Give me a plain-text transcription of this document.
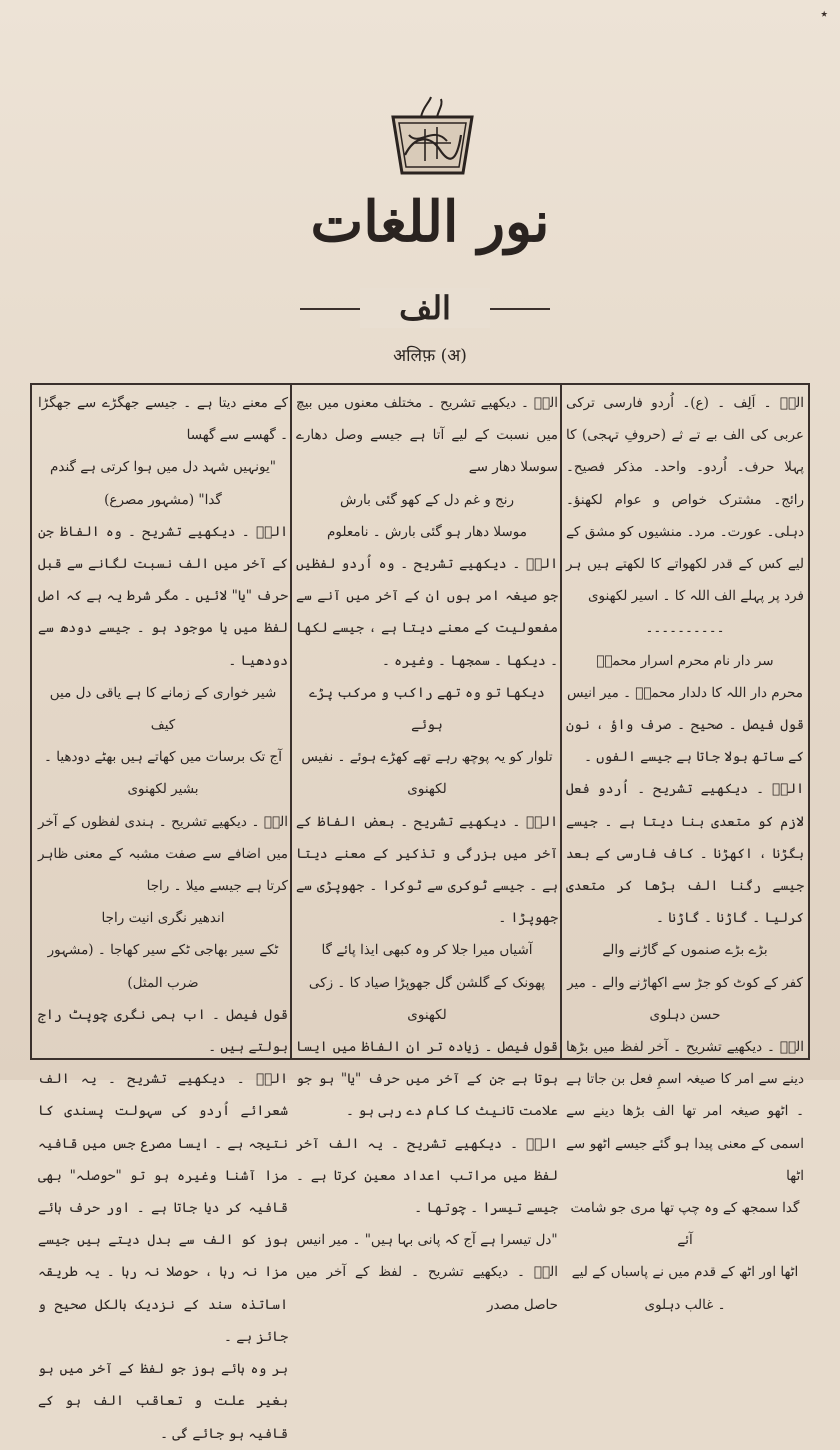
٭
نور اللغات
الف
अलिफ़ (अ)

الفؔ ۔ اَلِف ۔ (ع)۔ اُردو فارسی ترکی عربی کی الف بے تے ثے (حروفِ تہجی) کا پہلا حرف۔ اُردو۔ واحد۔ مذکر فصیح۔ رائج۔ مشترک خواص و عوام لکھنؤ۔ دہلی۔ عورت۔ مرد۔ منشیوں کو مشق کے لیے کس کے قدر لکھواتے کا لکھتے ہیں ہر فرد پر پہلے الف اللہ کا ۔ اسیر لکھنوی

۔۔۔۔۔۔۔۔۔۔

سر دار نام محرم اسرار محمدؐ

محرم دار اللہ کا دلدار محمدؐ ۔ میر انیس

قول فیصل ۔ صحیح ۔ صرف واؤ ، نون کے ساتھ بولا جاتا ہے جیسے الفوں ۔

الفؔ ۔ دیکھیے تشریح ۔ اُردو فعل لازم کو متعدی بنا دیتا ہے ۔ جیسے بگڑنا ، اکھڑنا ۔ کاف فارسی کے بعد جیسے رگنا الف بڑھا کر متعدی کرلیا ۔ گاڑنا ۔ گاڑنا ۔

بڑے بڑے صنموں کے گاڑنے والے

کفر کے کوٹ کو جڑ سے اکھاڑنے والے ۔ میر حسن دہلوی

الفؔ ۔ دیکھیے تشریح ۔ آخر لفظ میں بڑھا دینے سے امر کا صیغہ اسمِ فعل بن جاتا ہے ۔ اٹھو صیغہ امر تھا الف بڑھا دینے سے اسمی کے معنی پیدا ہو گئے جیسے اٹھو سے اٹھا

گدا سمجھ کے وہ چپ تھا مری جو شامت آئے

اٹھا اور اٹھ کے قدم میں نے پاسباں کے لیے ۔ غالب دہلوی

الفؔ ۔ دیکھیے تشریح ۔ مختلف معنوں میں بیچ میں نسبت کے لیے آتا ہے جیسے وصل دھارے سوسلا دھار سے

رنج و غم دل کے کھو گئی بارش

موسلا دھار ہو گئی بارش ۔ نامعلوم

الفؔ ۔ دیکھیے تشریح ۔ وہ اُردو لفظیں جو صیغہ امر ہوں ان کے آخر میں آنے سے مفعولیت کے معنے دیتا ہے ، جیسے لکھا ۔ دیکھا ۔ سمجھا ۔ وغیرہ ۔

دیکھا تو وہ تھے راکب و مرکب پڑے ہوئے

تلوار کو یہ پوچھ رہے تھے کھڑے ہوئے ۔ نفیس لکھنوی

الفؔ ۔ دیکھیے تشریح ۔ بعض الفاظ کے آخر میں بزرگی و تذکیر کے معنے دیتا ہے ۔ جیسے ٹوکری سے ٹوکرا ۔ جھوپڑی سے جھوپڑا ۔

آشیاں میرا جلا کر وہ کبھی ایذا پائے گا

پھونک کے گلشن گل جھوپڑا صیاد کا ۔ زکی لکھنوی

قول فیصل ۔ زیادہ تر ان الفاظ میں ایسا ہوتا ہے جن کے آخر میں حرف "یا" ہو جو علامت تانیث کا کام دے رہی ہو ۔

الفؔ ۔ دیکھیے تشریح ۔ یہ الف آخر لفظ میں مراتب اعداد معین کرتا ہے ۔ جیسے تیسرا ۔ چوتھا ۔

"دل تیسرا ہے آج کہ پانی بہا ہیں" ۔ میر انیس

الفؔ ۔ دیکھیے تشریح ۔ لفظ کے آخر میں حاصل مصدر

کے معنے دیتا ہے ۔ جیسے جھگڑے سے جھگڑا ۔ گھسے سے گھسا

"یونہیں شہد دل میں ہوا کرتی ہے گندم گدا" (مشہور مصرع)

الفؔ ۔ دیکھیے تشریح ۔ وہ الفاظ جن کے آخر میں الف نسبت لگانے سے قبل حرف "یا" لائیں ۔ مگر شرط یہ ہے کہ اصل لفظ میں یا موجود ہو ۔ جیسے دودھ سے دودھیا ۔

شیر خواری کے زمانے کا ہے یاقی دل میں کیف

آج تک برسات میں کھاتے ہیں بھٹے دودھیا ۔ بشیر لکھنوی

الفؔ ۔ دیکھیے تشریح ۔ ہندی لفظوں کے آخر میں اضافے سے صفت مشبہ کے معنی ظاہر کرتا ہے جیسے میلا ۔ راجا

اندھیر نگری انیت راجا

ٹکے سیر بھاجی ٹکے سیر کھاجا ۔ (مشہور ضرب المثل)

قول فیصل ۔ اب ہمی نگری چوپٹ راج بولتے ہیں ۔

الفؔ ۔ دیکھیے تشریح ۔ یہ الف شعرائے اُردو کی سہولت پسندی کا نتیجہ ہے ۔ ایسا مصرع جس میں قافیہ مزا آشنا وغیرہ ہو تو "حوصلہ" بھی قافیہ کر دیا جاتا ہے ۔ اور حرف ہائے ہوز کو الف سے بدل دیتے ہیں جیسے مزا نہ رہا ، حوصلا نہ رہا ۔ یہ طریقہ اساتذہ سند کے نزدیک بالکل صحیح و جائز ہے ۔

ہر وہ ہائے ہوز جو لفظ کے آخر میں ہو بغیر علت و تعاقب الف ہو کے قافیہ ہو جائے گی ۔
